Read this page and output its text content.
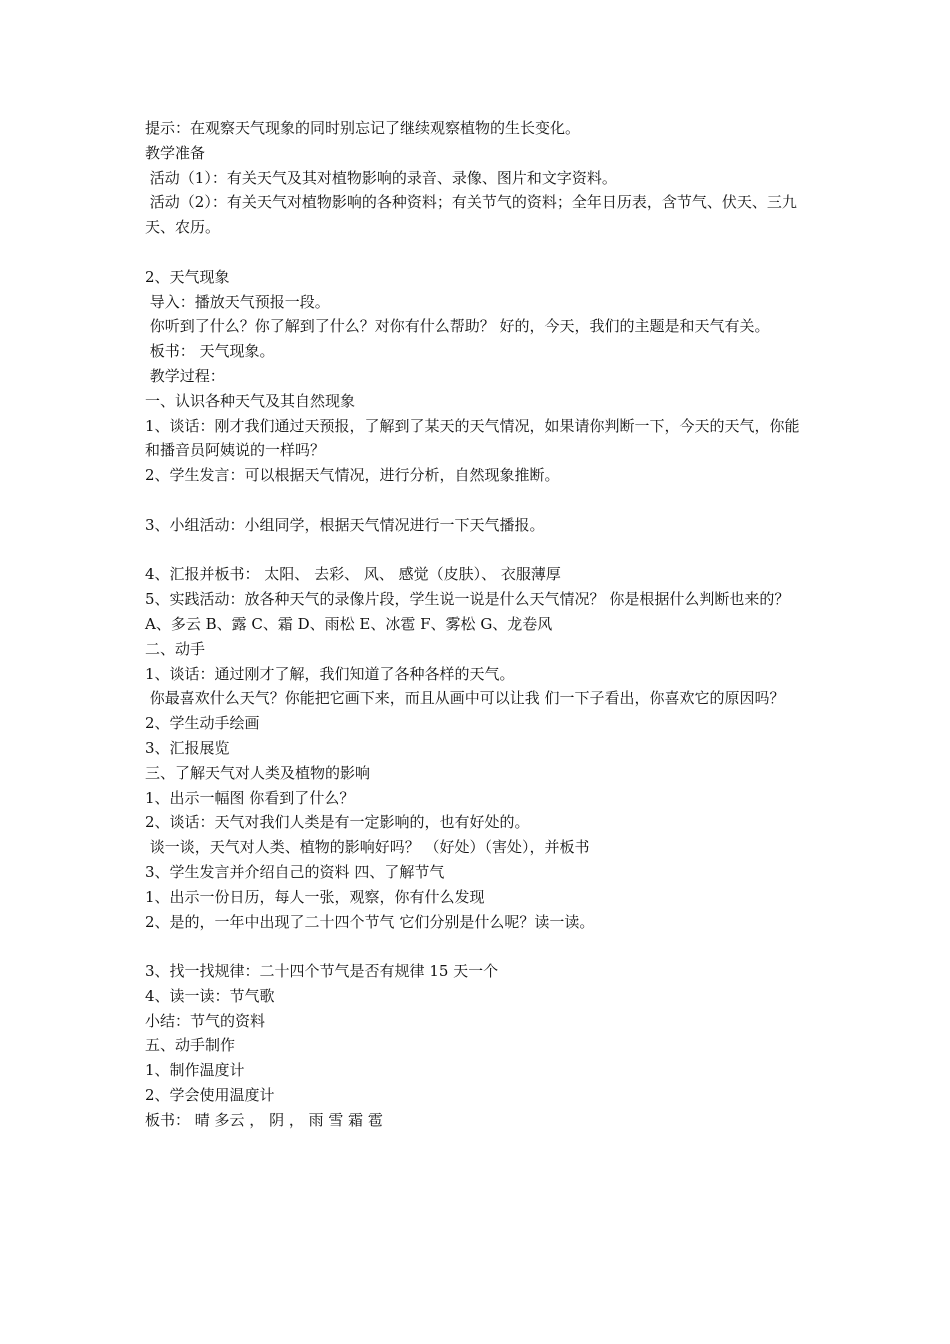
提示：在观察天气现象的同时别忘记了继续观察植物的生长变化。

教学准备

活动（1）：有关天气及其对植物影响的录音、录像、图片和文字资料。

活动（2）：有关天气对植物影响的各种资料；有关节气的资料；全年日历表，含节气、伏天、三九天、农历。

2、天气现象

导入：播放天气预报一段。

你听到了什么？你了解到了什么？对你有什么帮助？ 好的，今天，我们的主题是和天气有关。

板书： 天气现象。

教学过程：

一、认识各种天气及其自然现象

1、谈话：刚才我们通过天预报，了解到了某天的天气情况，如果请你判断一下，今天的天气，你能和播音员阿姨说的一样吗？

2、学生发言：可以根据天气情况，进行分析，自然现象推断。

3、小组活动：小组同学，根据天气情况进行一下天气播报。

4、汇报并板书： 太阳、 去彩、 风、 感觉（皮肤）、 衣服薄厚

5、实践活动：放各种天气的录像片段，学生说一说是什么天气情况？ 你是根据什么判断也来的？

A、多云 B、露 C、霜 D、雨松 E、冰雹 F、雾松 G、龙卷风

二、动手

1、谈话：通过刚才了解，我们知道了各种各样的天气。

你最喜欢什么天气？你能把它画下来，而且从画中可以让我 们一下子看出，你喜欢它的原因吗？

2、学生动手绘画

3、汇报展览

三、了解天气对人类及植物的影响

1、出示一幅图 你看到了什么？

2、谈话：天气对我们人类是有一定影响的，也有好处的。

谈一谈，天气对人类、植物的影响好吗？ （好处）（害处），并板书

3、学生发言并介绍自己的资料 四、了解节气

1、出示一份日历，每人一张，观察，你有什么发现

2、是的，一年中出现了二十四个节气 它们分别是什么呢？读一读。

3、找一找规律：二十四个节气是否有规律 15 天一个

4、读一读：节气歌

小结：节气的资料

五、动手制作

1、制作温度计

2、学会使用温度计

板书： 晴 多云 ， 阴 ， 雨 雪 霜 雹
